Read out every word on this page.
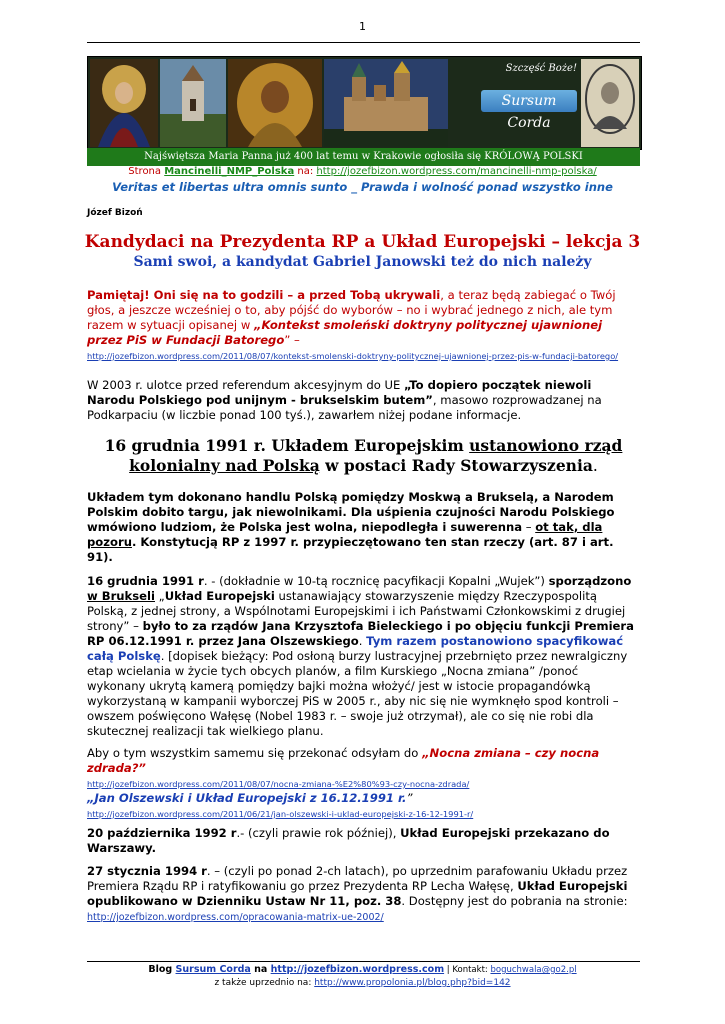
1
Szczęść Boże!
Sursum Corda
Najświętsza Maria Panna już 400 lat temu w Krakowie ogłosiła się KRÓLOWĄ POLSKI
Strona Mancinelli_NMP_Polska na: http://jozefbizon.wordpress.com/mancinelli-nmp-polska/
Veritas et libertas ultra omnis sunto _ Prawda i wolność ponad wszystko inne
Józef Bizoń
Kandydaci na Prezydenta RP a Układ Europejski – lekcja 3
Sami swoi, a kandydat Gabriel Janowski też do nich należy
Pamiętaj! Oni się na to godzili – a przed Tobą ukrywali, a teraz będą zabiegać o Twój głos, a jeszcze wcześniej o to, aby pójść do wyborów – no i wybrać jednego z nich, ale tym razem w sytuacji opisanej w „Kontekst smoleński doktryny polityczne​j ujawnionej przez PiS w Fundacji Batorego” –
http://jozefbizon.wordpress.com/2011/08/07/kontekst-smolenski-doktryny-politycznej-ujawnionej-przez-pis-w-fundacji-batorego/
W 2003 r. ulotce przed referendum akcesyjnym do UE „To dopiero początek niewoli Narodu Polskiego pod unijnym - brukselskim butem”, masowo rozprowadzanej na Podkarpaciu (w liczbie ponad 100 tyś.), zawarłem niżej podane informacje.
16 grudnia 1991 r. Układem Europejskim ustanowiono rząd kolonialny nad Polską w postaci Rady Stowarzyszenia.
Układem tym dokonano handlu Polską pomiędzy Moskwą a Brukselą, a Narodem Polskim dobito targu, jak niewolnikami. Dla uśpienia czujności Narodu Polskiego wmówiono ludziom, że Polska jest wolna, niepodległa i suwerenna – ot tak, dla pozoru. Konstytucją RP z 1997 r. przypieczętowano ten stan rzeczy (art. 87 i art. 91).
16 grudnia 1991 r. - (dokładnie w 10-tą rocznicę pacyfikacji Kopalni „Wujek”) sporządzono w Brukseli „Układ Europejski ustanawiający stowarzyszenie między Rzeczypospolitą Polską, z jednej strony, a Wspólnotami Europejskimi i ich Państwami Członkowskimi z drugiej strony” – było to za rządów Jana Krzysztofa Bieleckiego i po objęciu funkcji Premiera RP 06.12.1991 r. przez Jana Olszewskiego. Tym razem postanowiono spacyfikować całą Polskę. [dopisek bieżący: Pod osłoną burzy lustracyjnej przebrnięto przez newralgiczny etap wcielania w życie tych obcych planów, a film Kurskiego „Nocna zmiana” /ponoć wykonany ukrytą kamerą pomiędzy bajki można włożyć/ jest w istocie propagandówką wykorzystaną w kampanii wyborczej PiS w 2005 r., aby nic się nie wymknęło spod kontroli – owszem poświęcono Wałęsę (Nobel 1983 r. – swoje już otrzymał), ale co się nie robi dla skutecznej realizacji tak wielkiego planu.
Aby o tym wszystkim samemu się przekonać odsyłam do „Nocna zmiana – czy nocna zdrada?”
http://jozefbizon.wordpress.com/2011/08/07/nocna-zmiana-%E2%80%93-czy-nocna-zdrada/
„Jan Olszewski i Układ Europejski z 16.12.1991 r.”
http://jozefbizon.wordpress.com/2011/06/21/jan-olszewski-i-uklad-europejski-z-16-12-1991-r/
20 października 1992 r.- (czyli prawie rok później), Układ Europejski przekazano do Warszawy.
27 stycznia 1994 r. – (czyli po ponad 2-ch latach), po uprzednim parafowaniu Układu przez Premiera Rządu RP i ratyfikowaniu go przez Prezydenta RP Lecha Wałęsę, Układ Europejski opublikowano w Dzienniku Ustaw Nr 11, poz. 38. Dostępny jest do pobrania na stronie: http://jozefbizon.wordpress.com/opracowania-matrix-ue-2002/
Blog Sursum Corda na http://jozefbizon.wordpress.com | Kontakt: boguchwala@go2.pl
z także uprzednio na: http://www.propolonia.pl/blog.php?bid=142
